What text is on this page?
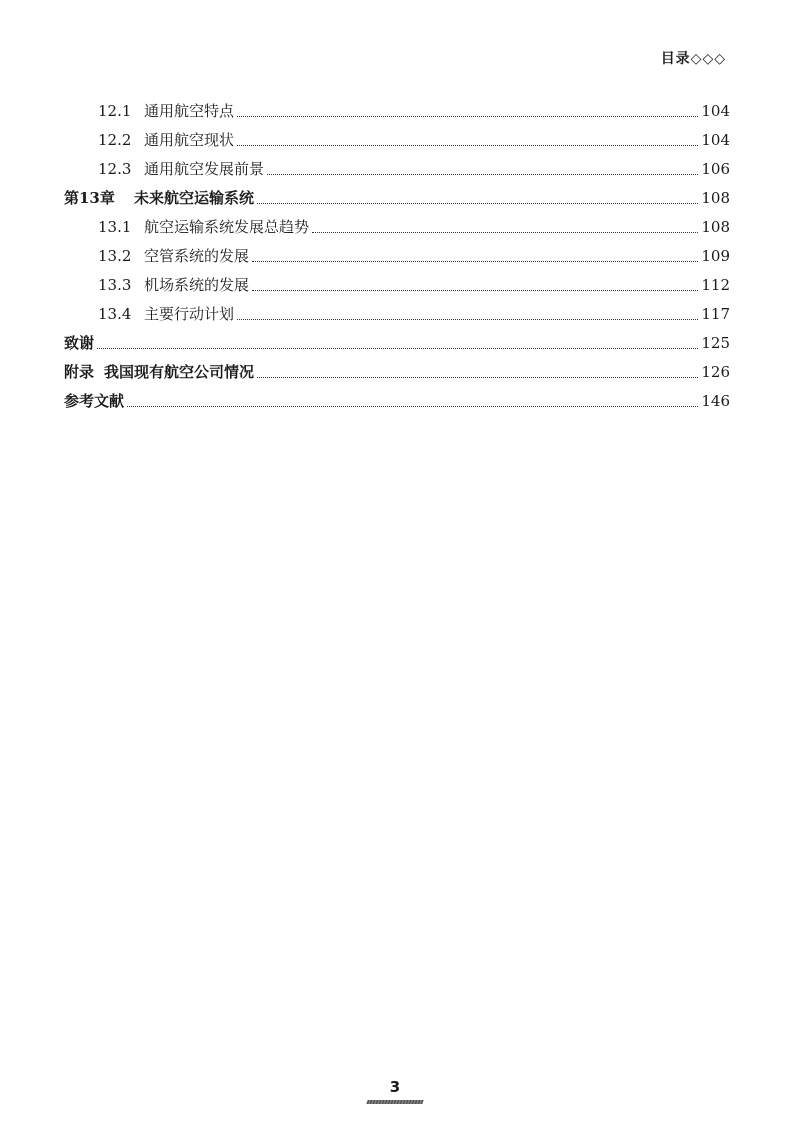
目录◇◇◇
12.1 通用航空特点	104
12.2 通用航空现状	104
12.3 通用航空发展前景	106
第13章	未来航空运输系统	108
13.1 航空运输系统发展总趋势	108
13.2 空管系统的发展	109
13.3 机场系统的发展	112
13.4 主要行动计划	117
致谢	125
附录 我国现有航空公司情况	126
参考文献	146
3
